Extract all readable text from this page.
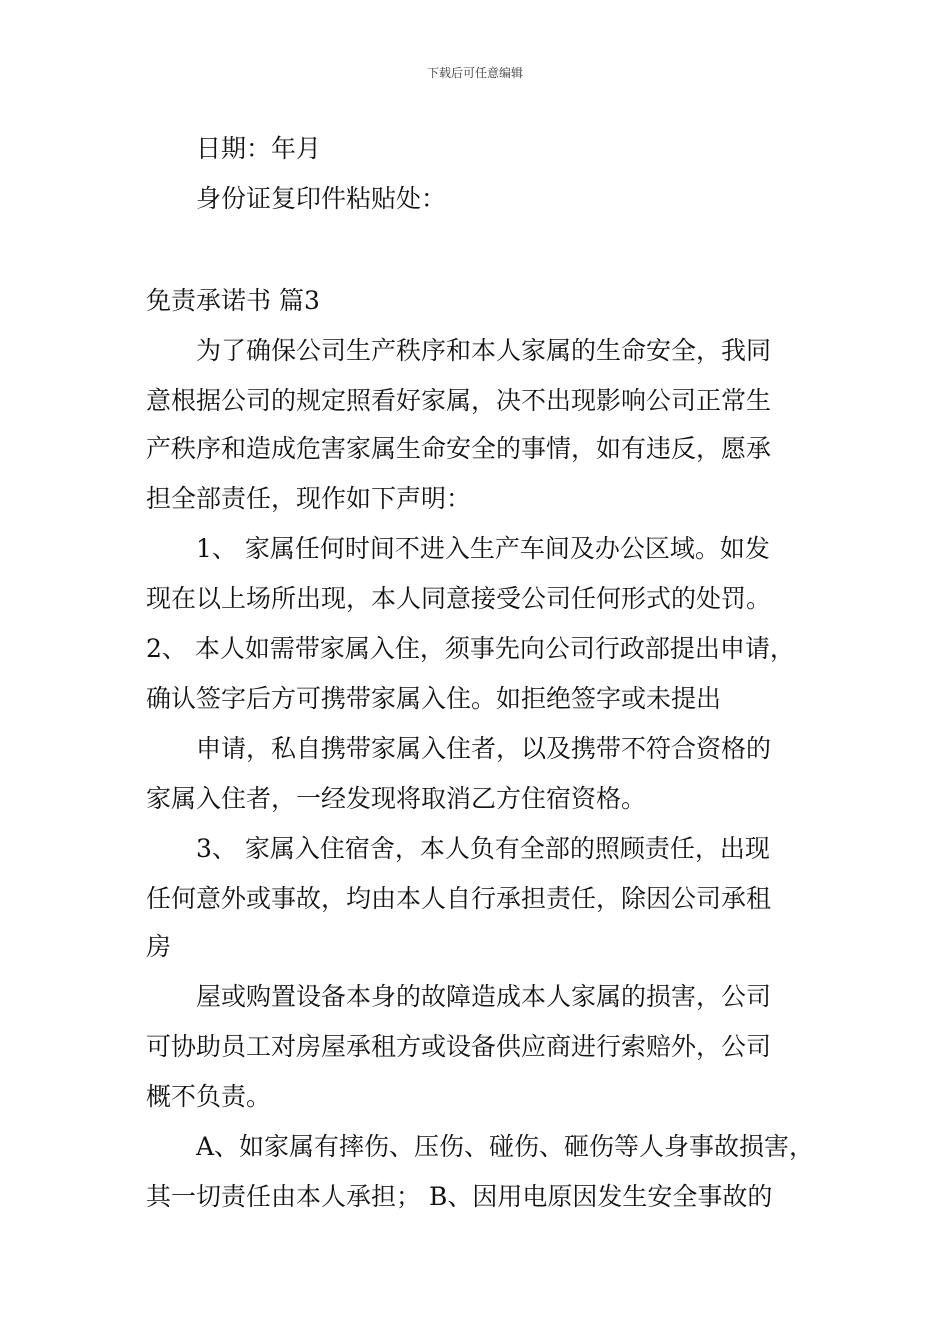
下载后可任意编辑
日期：年月
身份证复印件粘贴处：
免责承诺书 篇3
为了确保公司生产秩序和本人家属的生命安全，我同
意根据公司的规定照看好家属，决不出现影响公司正常生
产秩序和造成危害家属生命安全的事情，如有违反，愿承
担全部责任，现作如下声明：
1、 家属任何时间不进入生产车间及办公区域。如发
现在以上场所出现，本人同意接受公司任何形式的处罚。
2、 本人如需带家属入住，须事先向公司行政部提出申请，
确认签字后方可携带家属入住。如拒绝签字或未提出
申请，私自携带家属入住者，以及携带不符合资格的
家属入住者，一经发现将取消乙方住宿资格。
3、 家属入住宿舍，本人负有全部的照顾责任，出现
任何意外或事故，均由本人自行承担责任，除因公司承租
房
屋或购置设备本身的故障造成本人家属的损害，公司
可协助员工对房屋承租方或设备供应商进行索赔外，公司
概不负责。
A、如家属有摔伤、压伤、碰伤、砸伤等人身事故损害，
其一切责任由本人承担； B、因用电原因发生安全事故的
